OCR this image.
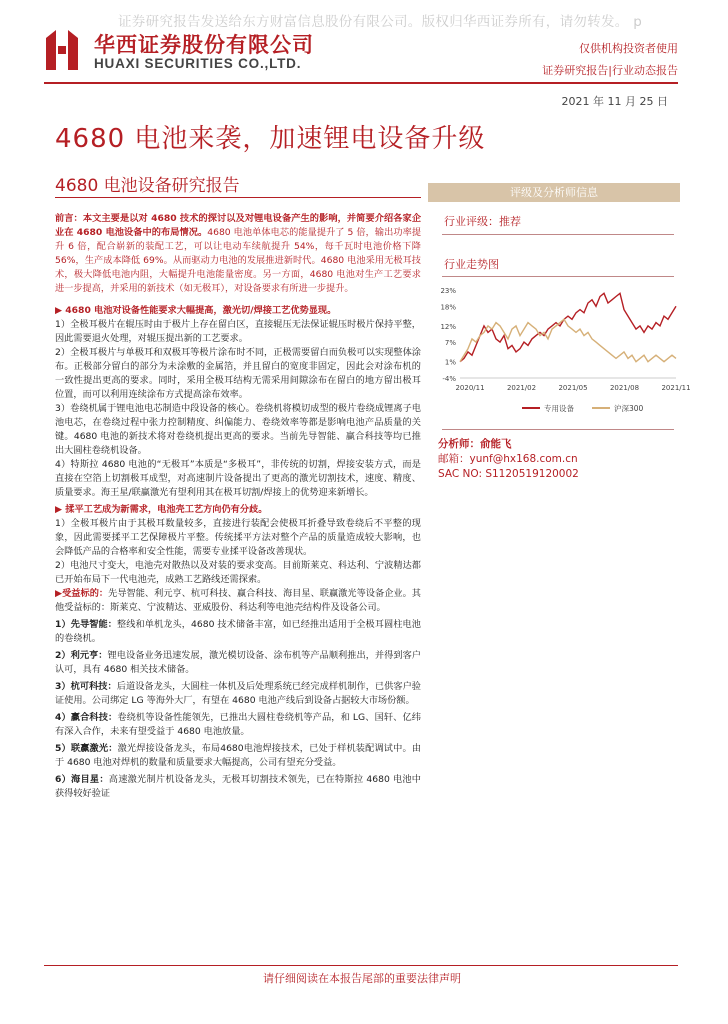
证券研究报告发送给东方财富信息股份有限公司。版权归华西证券所有，请勿转发。 p
华西证券股份有限公司
HUAXI SECURITIES CO.,LTD.
仅供机构投资者使用
证券研究报告|行业动态报告
2021 年 11 月 25 日
4680 电池来袭，加速锂电设备升级
4680 电池设备研究报告	评级及分析师信息
行业评级：推荐
行业走势图
23%
18%
12%
7%
1%
-4%
2020/11	2021/02	2021/05	2021/08	2021/11
专用设备	沪深300
分析师：俞能飞
邮箱：yunf@hx168.com.cn
SAC NO: S1120519120002

前言：本文主要是以对 4680 技术的探讨以及对锂电设备产生的影响，并简要介绍各家企业在 4680 电池设备中的布局情况。4680 电池单体电芯的能量提升了 5 倍，输出功率提升 6 倍，配合崭新的装配工艺，可以让电动车续航提升 54%，每千瓦时电池价格下降 56%，生产成本降低 69%。从而驱动力电池的发展推进新时代。4680 电池采用无极耳技术，极大降低电池内阻，大幅提升电池能量密度。另一方面，4680 电池对生产工艺要求进一步提高，并采用的新技术（如无极耳），对设备要求有所进一步提升。

▶ 4680 电池对设备性能要求大幅提高，激光切/焊接工艺优势显现。

1）全极耳极片在辊压时由于极片上存在留白区，直接辊压无法保证辊压时极片保持平整，因此需要退火处理，对辊压提出新的工艺要求。

2）全极耳极片与单极耳和双极耳等极片涂布时不同，正极需要留白而负极可以实现整体涂布。正极部分留白的部分为未涂敷的金属箔，并且留白的宽度非固定，因此会对涂布机的一致性提出更高的要求。同时，采用全极耳结构无需采用间隙涂布在留白的地方留出极耳位置，而可以利用连续涂布方式提高涂布效率。

3）卷绕机属于锂电池电芯制造中段设备的核心。卷绕机将模切成型的极片卷绕成锂离子电池电芯，在卷绕过程中张力控制精度、纠偏能力、卷绕效率等都是影响电池产品质量的关键。4680 电池的新技术将对卷绕机提出更高的要求。当前先导智能、赢合科技等均已推出大圆柱卷绕机设备。

4）特斯拉 4680 电池的“无极耳”本质是“多极耳”，非传统的切割，焊接安装方式，而是直接在空箔上切割极耳成型，对高速制片设备提出了更高的激光切割技术，速度、精度、质量要求。海王星/联赢激光有望利用其在极耳切割/焊接上的优势迎来新增长。

▶ 揉平工艺成为新需求，电池壳工艺方向仍有分歧。

1）全极耳极片由于其极耳数量较多，直接进行装配会使极耳折叠导致卷绕后不平整的现象，因此需要揉平工艺保障极片平整。传统揉平方法对整个产品的质量造成较大影响，也会降低产品的合格率和安全性能，需要专业揉平设备改善现状。

2）电池尺寸变大，电池壳对散热以及对装的要求变高。目前斯莱克、科达利、宁波精达都已开始布局下一代电池壳，成熟工艺路线还需探索。

▶受益标的：先导智能、利元亨、杭可科技、赢合科技、海目星、联赢激光等设备企业。其他受益标的：斯莱克、宁波精达、亚威股份、科达利等电池壳结构件及设备公司。

1）先导智能：整线和单机龙头，4680 技术储备丰富，如已经推出适用于全极耳圆柱电池的卷绕机。

2）利元亨：锂电设备业务迅速发展，激光模切设备、涂布机等产品顺利推出，并得到客户认可，具有 4680 相关技术储备。

3）杭可科技：后道设备龙头，大圆柱一体机及后处理系统已经完成样机制作，已供客户验证使用。公司绑定 LG 等海外大厂，有望在 4680 电池产线后到设备占据较大市场份额。

4）赢合科技：卷绕机等设备性能领先，已推出大圆柱卷绕机等产品，和 LG、国轩、亿纬有深入合作，未来有望受益于 4680 电池放量。

5）联赢激光：激光焊接设备龙头，布局4680电池焊接技术，已处于样机装配调试中。由于 4680 电池对焊机的数量和质量要求大幅提高，公司有望充分受益。

6）海目星：高速激光制片机设备龙头，无极耳切割技术领先，已在特斯拉 4680 电池中获得较好验证

请仔细阅读在本报告尾部的重要法律声明
